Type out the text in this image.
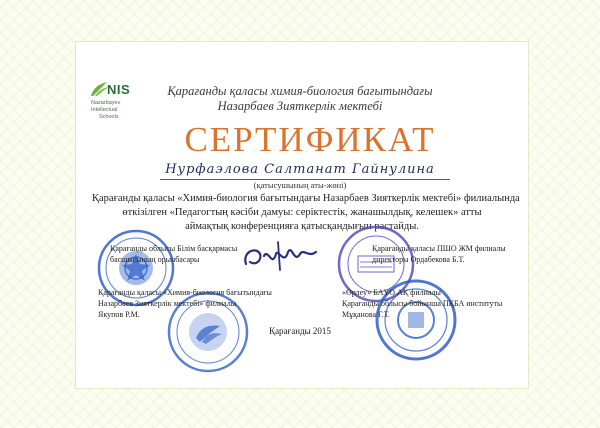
NIS
Nazarbayev
Intellectual
Schools
Қарағанды қаласы химия-биология бағытындағы
Назарбаев Зияткерлік мектебі
СЕРТИФИКАТ
Нурфаэлова Салтанат Гайнулина
(қатысушының аты-жөні)
Қарағанды қаласы «Химия-биология бағытындағы Назарбаев Зияткерлік мектебі» филиалында
өткізілген «Педагогтың кәсіби дамуы: серіктестік, жанашылдық, келешек» атты
аймақтық конференцияға қатысқандығын растайды.
Қарағанды облысы Білім басқармасы
басшысының орынбасары
Қарағанды қаласы ПШО ЖМ филиалы
директоры Ордабекова Б.Т.
Қарағанды қаласы «Химия-биология бағытындағы
Назарбаев Зияткерлік мектебі» филиалы
Якупов Р.М.
«Өрлеу» БАҰО АҚ филиалы
Қарағанды облысы бойынша ПҚБА институты
Мұқанова Г.Т.
Қарағанды 2015
